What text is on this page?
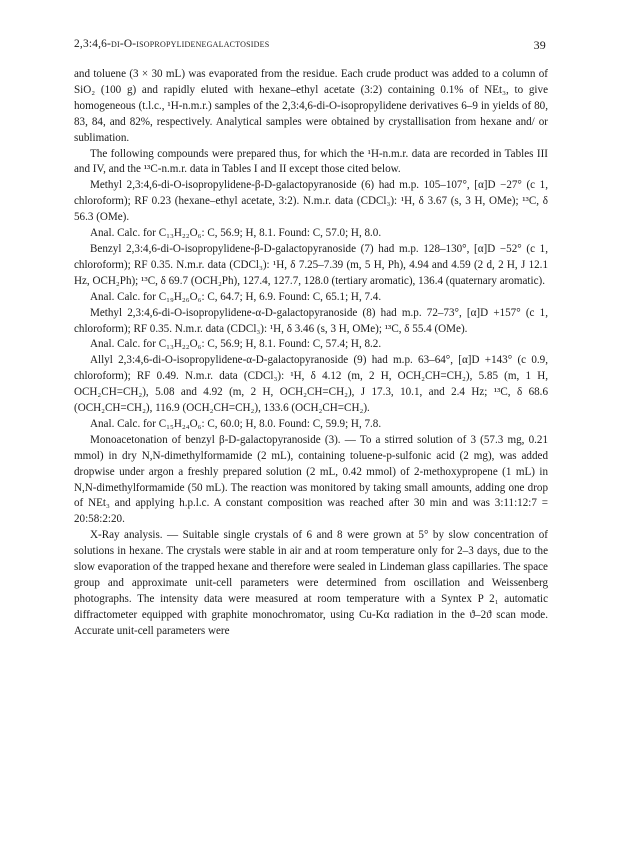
2,3:4,6-di-O-isopropylidenegalactosides	39

and toluene (3 × 30 mL) was evaporated from the residue. Each crude product was added to a column of SiO₂ (100 g) and rapidly eluted with hexane–ethyl acetate (3:2) containing 0.1% of NEt₃, to give homogeneous (t.l.c., ¹H-n.m.r.) samples of the 2,3:4,6-di-O-isopropylidene derivatives 6–9 in yields of 80, 83, 84, and 82%, respectively. Analytical samples were obtained by crystallisation from hexane and/ or sublimation.

The following compounds were prepared thus, for which the ¹H-n.m.r. data are recorded in Tables III and IV, and the ¹³C-n.m.r. data in Tables I and II except those cited below.

Methyl 2,3:4,6-di-O-isopropylidene-β-D-galactopyranoside (6) had m.p. 105–107°, [α]D −27° (c 1, chloroform); RF 0.23 (hexane–ethyl acetate, 3:2). N.m.r. data (CDCl₃): ¹H, δ 3.67 (s, 3 H, OMe); ¹³C, δ 56.3 (OMe).

Anal. Calc. for C₁₃H₂₂O₆: C, 56.9; H, 8.1. Found: C, 57.0; H, 8.0.

Benzyl 2,3:4,6-di-O-isopropylidene-β-D-galactopyranoside (7) had m.p. 128–130°, [α]D −52° (c 1, chloroform); RF 0.35. N.m.r. data (CDCl₃): ¹H, δ 7.25–7.39 (m, 5 H, Ph), 4.94 and 4.59 (2 d, 2 H, J 12.1 Hz, OCH₂Ph); ¹³C, δ 69.7 (OCH₂Ph), 127.4, 127.7, 128.0 (tertiary aromatic), 136.4 (quaternary aromatic).

Anal. Calc. for C₁₉H₂₆O₆: C, 64.7; H, 6.9. Found: C, 65.1; H, 7.4.

Methyl 2,3:4,6-di-O-isopropylidene-α-D-galactopyranoside (8) had m.p. 72–73°, [α]D +157° (c 1, chloroform); RF 0.35. N.m.r. data (CDCl₃): ¹H, δ 3.46 (s, 3 H, OMe); ¹³C, δ 55.4 (OMe).

Anal. Calc. for C₁₃H₂₂O₆: C, 56.9; H, 8.1. Found: C, 57.4; H, 8.2.

Allyl 2,3:4,6-di-O-isopropylidene-α-D-galactopyranoside (9) had m.p. 63–64°, [α]D +143° (c 0.9, chloroform); RF 0.49. N.m.r. data (CDCl₃): ¹H, δ 4.12 (m, 2 H, OCH₂CH=CH₂), 5.85 (m, 1 H, OCH₂CH=CH₂), 5.08 and 4.92 (m, 2 H, OCH₂CH=CH₂), J 17.3, 10.1, and 2.4 Hz; ¹³C, δ 68.6 (OCH₂CH=CH₂), 116.9 (OCH₂CH=CH₂), 133.6 (OCH₂CH=CH₂).

Anal. Calc. for C₁₅H₂₄O₆: C, 60.0; H, 8.0. Found: C, 59.9; H, 7.8.

Monoacetonation of benzyl β-D-galactopyranoside (3). — To a stirred solution of 3 (57.3 mg, 0.21 mmol) in dry N,N-dimethylformamide (2 mL), containing toluene-p-sulfonic acid (2 mg), was added dropwise under argon a freshly prepared solution (2 mL, 0.42 mmol) of 2-methoxypropene (1 mL) in N,N-dimethylformamide (50 mL). The reaction was monitored by taking small amounts, adding one drop of NEt₃ and applying h.p.l.c. A constant composition was reached after 30 min and was 3:11:12:7 = 20:58:2:20.

X-Ray analysis. — Suitable single crystals of 6 and 8 were grown at 5° by slow concentration of solutions in hexane. The crystals were stable in air and at room temperature only for 2–3 days, due to the slow evaporation of the trapped hexane and therefore were sealed in Lindeman glass capillaries. The space group and approximate unit-cell parameters were determined from oscillation and Weissenberg photographs. The intensity data were measured at room temperature with a Syntex P 2₁ automatic diffractometer equipped with graphite monochromator, using Cu-Kα radiation in the ϑ–2ϑ scan mode. Accurate unit-cell parameters were
